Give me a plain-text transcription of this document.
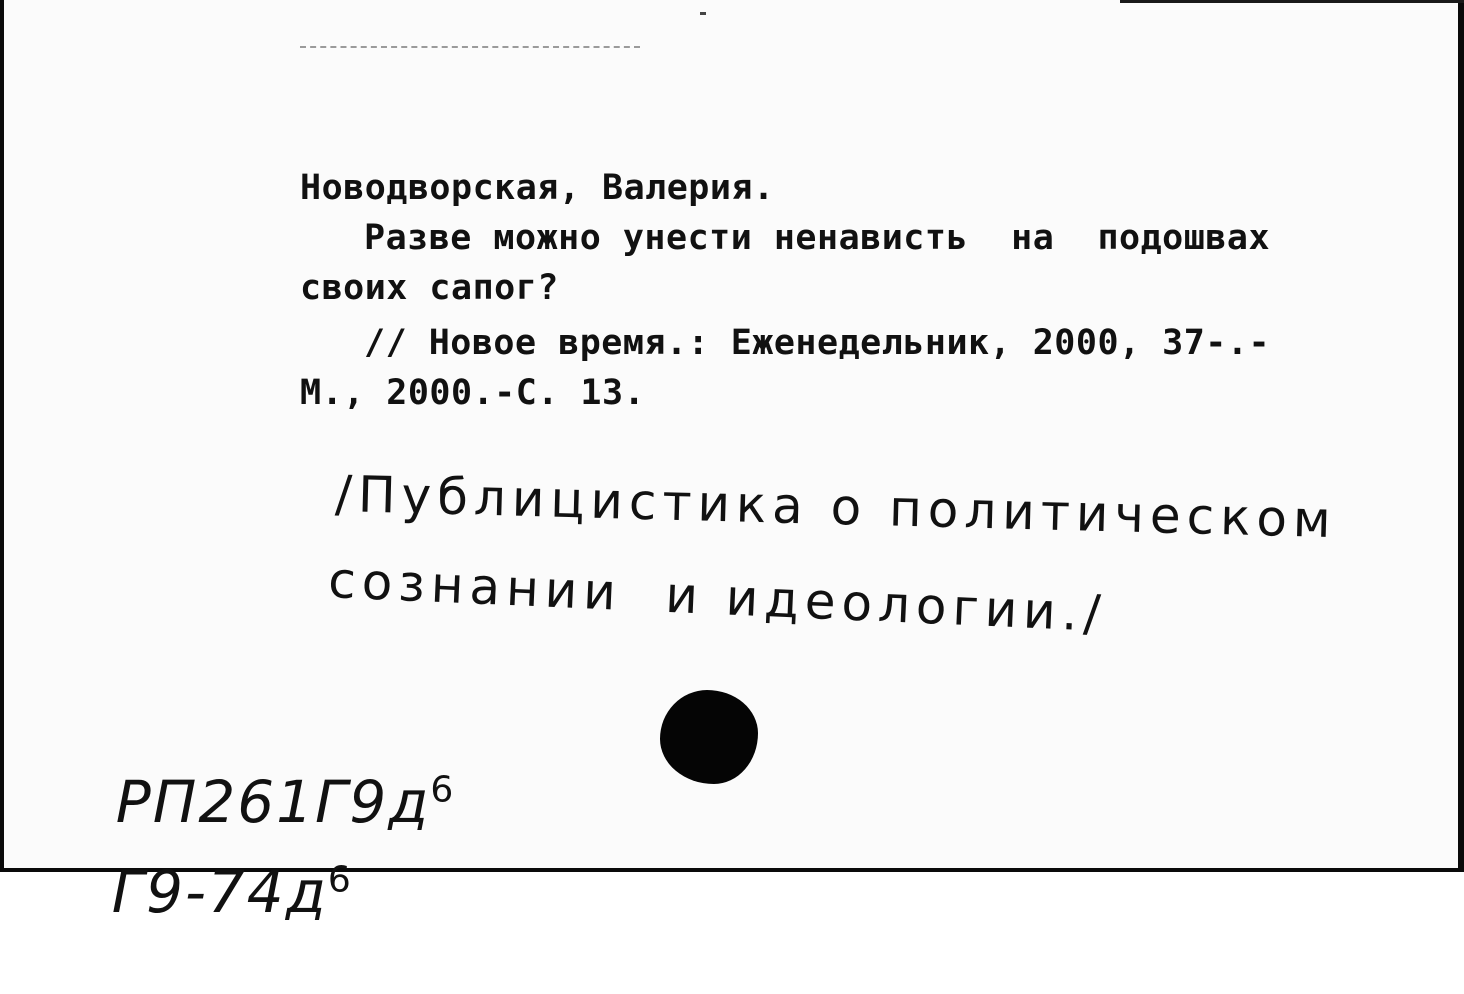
Новодворская, Валерия.
Разве можно унести ненависть  на  подошвах
своих сапог?
// Новое время.: Еженедельник, 2000, 37-.-
М., 2000.-С. 13.
/Публицистика о политическом
сознании  и идеологии./

$РП261Г9д^6$

$Г9-74д^6$
